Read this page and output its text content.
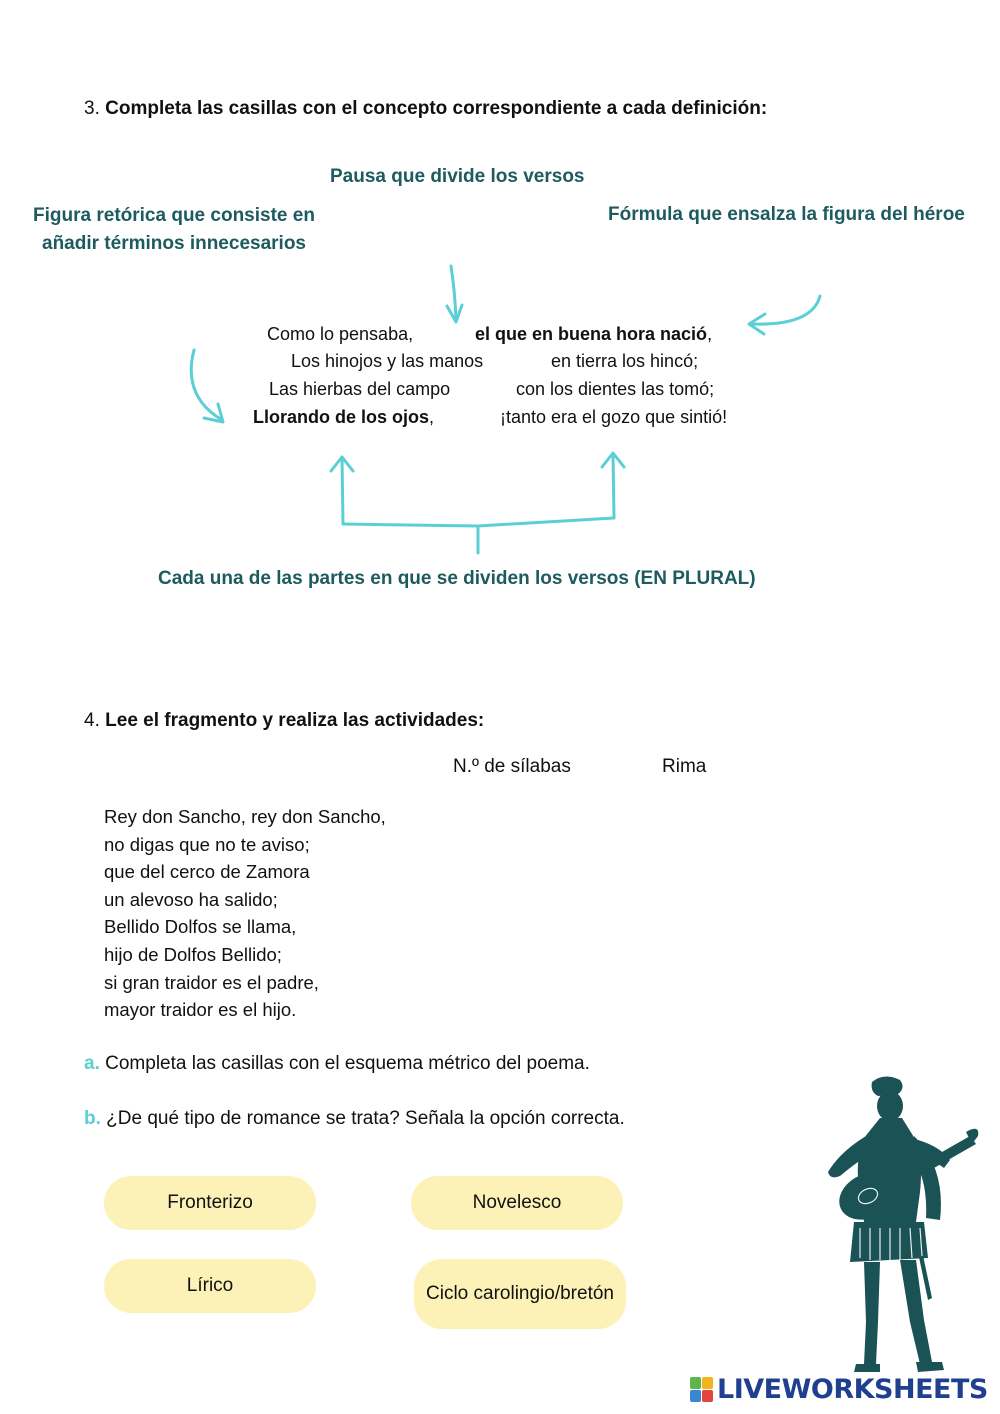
3. Completa las casillas con el concepto correspondiente a cada definición:
Pausa que divide los versos
Figura retórica que consiste en
añadir términos innecesarios
Fórmula que ensalza la figura del héroe
Como lo pensaba,	el que en buena hora nació,
Los hinojos y las manos	en tierra los hincó;
Las hierbas del campo	con los dientes las tomó;
Llorando de los ojos,	¡tanto era el gozo que sintió!
Cada una de las partes en que se dividen los versos (EN PLURAL)
4. Lee el fragmento y realiza las actividades:
N.º de sílabas	Rima
Rey don Sancho, rey don Sancho,
no digas que no te aviso;
que del cerco de Zamora
un alevoso ha salido;
Bellido Dolfos se llama,
hijo de Dolfos Bellido;
si gran traidor es el padre,
mayor traidor es el hijo.
a. Completa las casillas con el esquema métrico del poema.
b. ¿De qué tipo de romance se trata? Señala la opción correcta.
Fronterizo	Novelesco
Lírico	Ciclo carolingio/bretón
LIVEWORKSHEETS
